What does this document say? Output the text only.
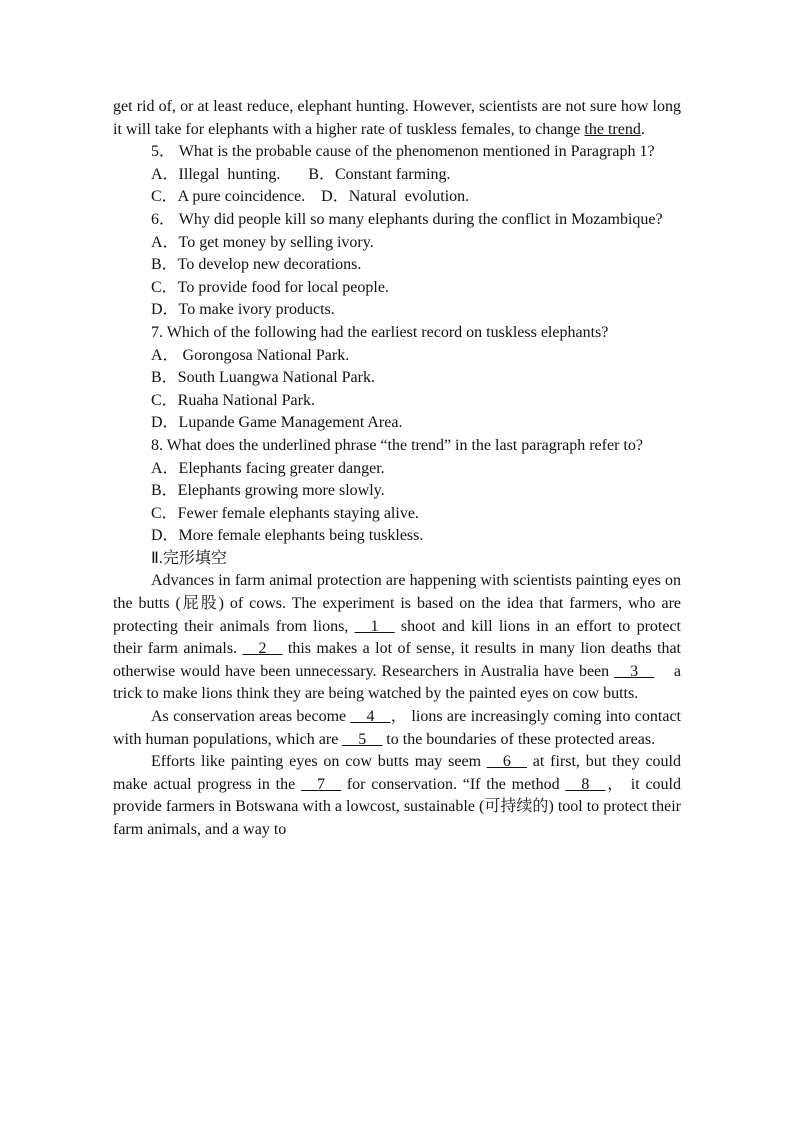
get rid of, or at least reduce, elephant hunting. However, scientists are not sure how long it will take for elephants with a higher rate of tuskless females, to change the trend.

5． What is the probable cause of the phenomenon mentioned in Paragraph 1?

A．Illegal  hunting.       B．Constant farming.

C．A pure coincidence.    D．Natural  evolution.

6． Why did people kill so many elephants during the conflict in Mozambique?

A．To get money by selling ivory.

B．To develop new decorations.

C．To provide food for local people.

D．To make ivory products.

7. Which of the following had the earliest record on tuskless elephants?

A． Gorongosa National Park.

B．South Luangwa National Park.

C．Ruaha National Park.

D．Lupande Game Management Area.

8. What does the underlined phrase “the trend” in the last paragraph refer to?

A．Elephants facing greater danger.

B．Elephants growing more slowly.

C．Fewer female elephants staying alive.

D．More female elephants being tuskless.

Ⅱ.完形填空

Advances in farm animal protection are happening with scientists painting eyes on the butts (屁股) of cows. The experiment is based on the idea that farmers, who are protecting their animals from lions, __1__ shoot and kill lions in an effort to protect their farm animals. __2__ this makes a lot of sense, it results in many lion deaths that otherwise would have been unnecessary. Researchers in Australia have been __3__    a trick to make lions think they are being watched by the painted eyes on cow butts.

As conservation areas become __4__， lions are increasingly coming into contact with human populations, which are __5__ to the boundaries of these protected areas.

Efforts like painting eyes on cow butts may seem __6__ at first, but they could make actual progress in the __7__ for conservation. “If the method __8__， it could provide farmers in Botswana with a lowcost, sustainable (可持续的) tool to protect their farm animals, and a way to
